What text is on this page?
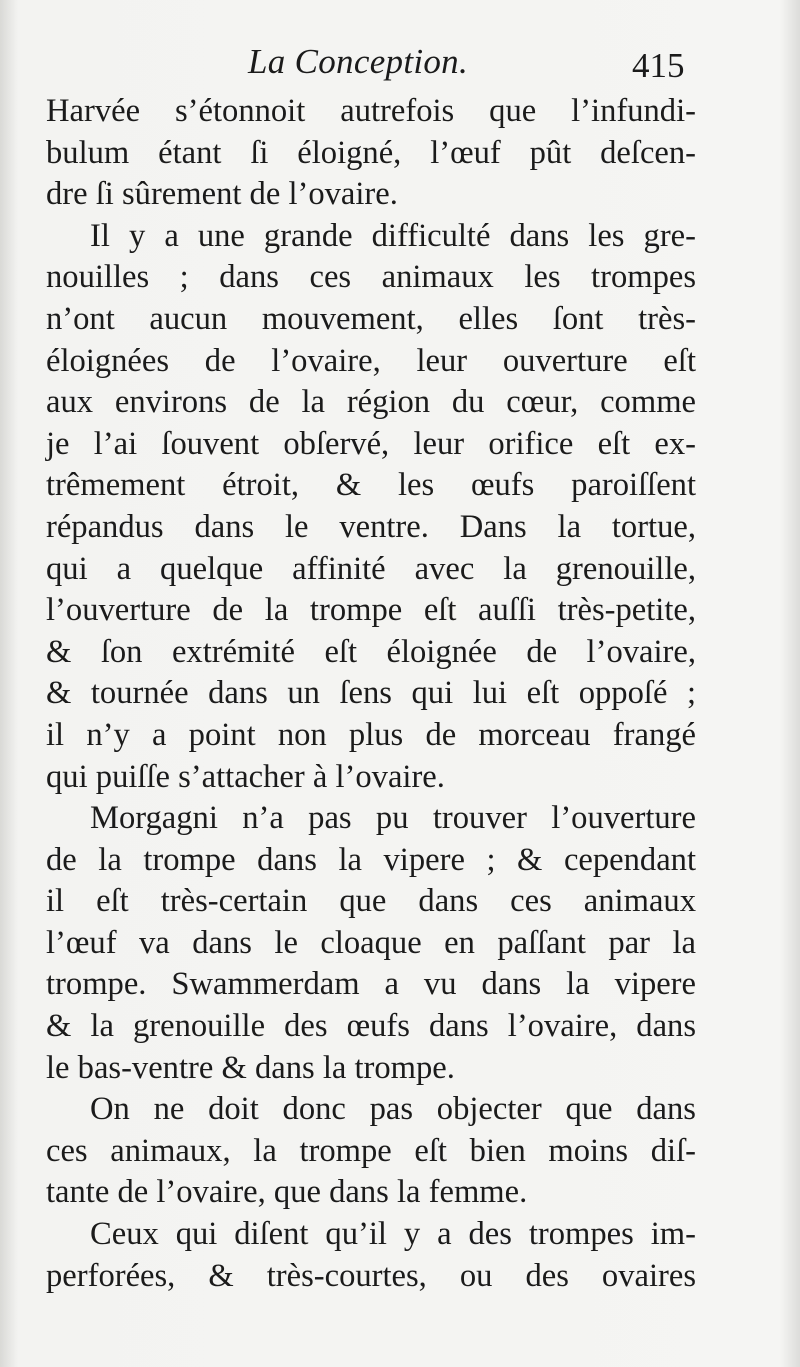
La Conception.	415
Harvée s’étonnoit autrefois que l’infundi-
bulum étant ſi éloigné, l’œuf pût deſcen-
dre ſi sûrement de l’ovaire.
Il y a une grande difficulté dans les gre-
nouilles ; dans ces animaux les trompes
n’ont aucun mouvement, elles ſont très-
éloignées de l’ovaire, leur ouverture eſt
aux environs de la région du cœur, comme
je l’ai ſouvent obſervé, leur orifice eſt ex-
trêmement étroit, & les œufs paroiſſent
répandus dans le ventre. Dans la tortue,
qui a quelque affinité avec la grenouille,
l’ouverture de la trompe eſt auſſi très-petite,
& ſon extrémité eſt éloignée de l’ovaire,
& tournée dans un ſens qui lui eſt oppoſé ;
il n’y a point non plus de morceau frangé
qui puiſſe s’attacher à l’ovaire.
Morgagni n’a pas pu trouver l’ouverture
de la trompe dans la vipere ; & cependant
il eſt très-certain que dans ces animaux
l’œuf va dans le cloaque en paſſant par la
trompe. Swammerdam a vu dans la vipere
& la grenouille des œufs dans l’ovaire, dans
le bas-ventre & dans la trompe.
On ne doit donc pas objecter que dans
ces animaux, la trompe eſt bien moins diſ-
tante de l’ovaire, que dans la femme.
Ceux qui diſent qu’il y a des trompes im-
perforées, & très-courtes, ou des ovaires
